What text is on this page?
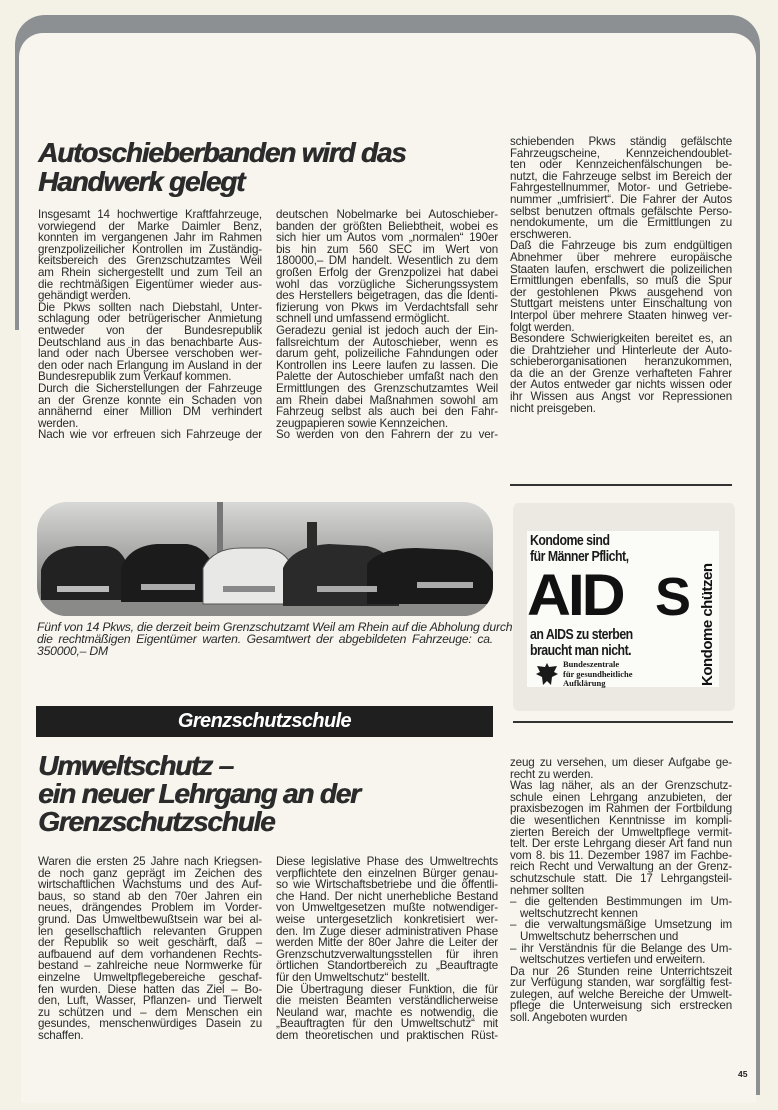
Autoschieberbanden wird das
Handwerk gelegt
Insgesamt 14 hochwertige Kraftfahrzeuge,
vorwiegend der Marke Daimler Benz,
konnten im vergangenen Jahr im Rahmen
grenzpolizeilicher Kontrollen im Zuständig-
keitsbereich des Grenzschutzamtes Weil
am Rhein sichergestellt und zum Teil an
die rechtmäßigen Eigentümer wieder aus-
gehändigt werden.
Die Pkws sollten nach Diebstahl, Unter-
schlagung oder betrügerischer Anmietung
entweder von der Bundesrepublik
Deutschland aus in das benachbarte Aus-
land oder nach Übersee verschoben wer-
den oder nach Erlangung im Ausland in der
Bundesrepublik zum Verkauf kommen.
Durch die Sicherstellungen der Fahrzeuge
an der Grenze konnte ein Schaden von
annähernd einer Million DM verhindert
werden.
Nach wie vor erfreuen sich Fahrzeuge der
deutschen Nobelmarke bei Autoschieber-
banden der größten Beliebtheit, wobei es
sich hier um Autos vom „normalen“ 190er
bis hin zum 560 SEC im Wert von
180000,– DM handelt. Wesentlich zu dem
großen Erfolg der Grenzpolizei hat dabei
wohl das vorzügliche Sicherungssystem
des Herstellers beigetragen, das die Identi-
fizierung von Pkws im Verdachtsfall sehr
schnell und umfassend ermöglicht.
Geradezu genial ist jedoch auch der Ein-
fallsreichtum der Autoschieber, wenn es
darum geht, polizeiliche Fahndungen oder
Kontrollen ins Leere laufen zu lassen. Die
Palette der Autoschieber umfaßt nach den
Ermittlungen des Grenzschutzamtes Weil
am Rhein dabei Maßnahmen sowohl am
Fahrzeug selbst als auch bei den Fahr-
zeugpapieren sowie Kennzeichen.
So werden von den Fahrern der zu ver-
schiebenden Pkws ständig gefälschte
Fahrzeugscheine, Kennzeichendoublet-
ten oder Kennzeichenfälschungen be-
nutzt, die Fahrzeuge selbst im Bereich der
Fahrgestellnummer, Motor- und Getriebe-
nummer „umfrisiert“. Die Fahrer der Autos
selbst benutzen oftmals gefälschte Perso-
nendokumente, um die Ermittlungen zu
erschweren.
Daß die Fahrzeuge bis zum endgültigen
Abnehmer über mehrere europäische
Staaten laufen, erschwert die polizeilichen
Ermittlungen ebenfalls, so muß die Spur
der gestohlenen Pkws ausgehend von
Stuttgart meistens unter Einschaltung von
Interpol über mehrere Staaten hinweg ver-
folgt werden.
Besondere Schwierigkeiten bereitet es, an
die Drahtzieher und Hinterleute der Auto-
schieberorganisationen heranzukommen,
da die an der Grenze verhafteten Fahrer
der Autos entweder gar nichts wissen oder
ihr Wissen aus Angst vor Repressionen
nicht preisgeben.
Fünf von 14 Pkws, die derzeit beim Grenzschutzamt Weil am Rhein auf die Abholung durch
die rechtmäßigen Eigentümer warten. Gesamtwert der abgebildeten Fahrzeuge: ca.
350000,– DM
Kondome sind
für Männer Pflicht,
AID S Kondome chützen
an AIDS zu sterben
braucht man nicht.
Bundeszentrale
für gesundheitliche
Aufklärung
Grenzschutzschule
Umweltschutz –
ein neuer Lehrgang an der
Grenzschutzschule
Waren die ersten 25 Jahre nach Kriegsen-
de noch ganz geprägt im Zeichen des
wirtschaftlichen Wachstums und des Auf-
baus, so stand ab den 70er Jahren ein
neues, drängendes Problem im Vorder-
grund. Das Umweltbewußtsein war bei al-
len gesellschaftlich relevanten Gruppen
der Republik so weit geschärft, daß –
aufbauend auf dem vorhandenen Rechts-
bestand – zahlreiche neue Normwerke für
einzelne Umweltpflegebereiche geschaf-
fen wurden. Diese hatten das Ziel – Bo-
den, Luft, Wasser, Pflanzen- und Tierwelt
zu schützen und – dem Menschen ein
gesundes, menschenwürdiges Dasein zu
schaffen.
Diese legislative Phase des Umweltrechts
verpflichtete den einzelnen Bürger genau-
so wie Wirtschaftsbetriebe und die öffentli-
che Hand. Der nicht unerhebliche Bestand
von Umweltgesetzen mußte notwendiger-
weise untergesetzlich konkretisiert wer-
den. Im Zuge dieser administrativen Phase
werden Mitte der 80er Jahre die Leiter der
Grenzschutzverwaltungsstellen für ihren
örtlichen Standortbereich zu „Beauftragte
für den Umweltschutz“ bestellt.
Die Übertragung dieser Funktion, die für
die meisten Beamten verständlicherweise
Neuland war, machte es notwendig, die
„Beauftragten für den Umweltschutz“ mit
dem theoretischen und praktischen Rüst-
zeug zu versehen, um dieser Aufgabe ge-
recht zu werden.
Was lag näher, als an der Grenzschutz-
schule einen Lehrgang anzubieten, der
praxisbezogen im Rahmen der Fortbildung
die wesentlichen Kenntnisse im kompli-
zierten Bereich der Umweltpflege vermit-
telt. Der erste Lehrgang dieser Art fand nun
vom 8. bis 11. Dezember 1987 im Fachbe-
reich Recht und Verwaltung an der Grenz-
schutzschule statt. Die 17 Lehrgangsteil-
nehmer sollten
– die geltenden Bestimmungen im Um-
weltschutzrecht kennen
– die verwaltungsmäßige Umsetzung im
Umweltschutz beherrschen und
– ihr Verständnis für die Belange des Um-
weltschutzes vertiefen und erweitern.
Da nur 26 Stunden reine Unterrichtszeit
zur Verfügung standen, war sorgfältig fest-
zulegen, auf welche Bereiche der Umwelt-
pflege die Unterweisung sich erstrecken
soll. Angeboten wurden
45
